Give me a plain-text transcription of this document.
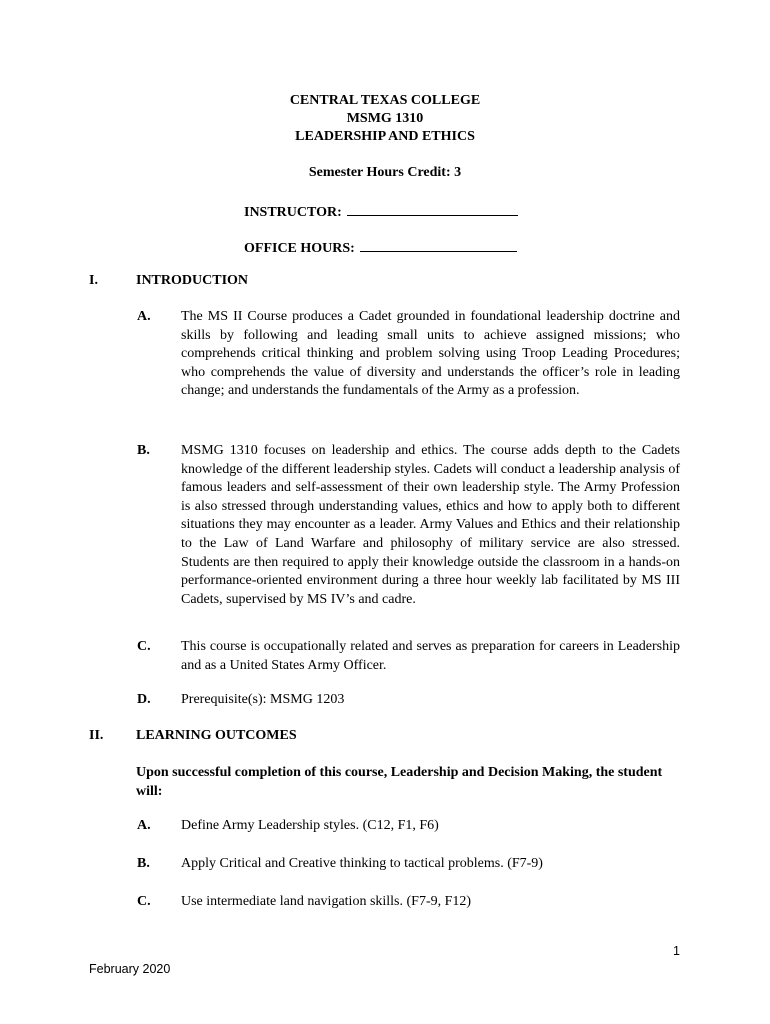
CENTRAL TEXAS COLLEGE
MSMG 1310
LEADERSHIP AND ETHICS
Semester Hours Credit: 3
INSTRUCTOR:
OFFICE HOURS:
I.	INTRODUCTION
A. The MS II Course produces a Cadet grounded in foundational leadership doctrine and skills by following and leading small units to achieve assigned missions; who comprehends critical thinking and problem solving using Troop Leading Procedures; who comprehends the value of diversity and understands the officer’s role in leading change; and understands the fundamentals of the Army as a profession.
B. MSMG 1310 focuses on leadership and ethics. The course adds depth to the Cadets knowledge of the different leadership styles. Cadets will conduct a leadership analysis of famous leaders and self-assessment of their own leadership style. The Army Profession is also stressed through understanding values, ethics and how to apply both to different situations they may encounter as a leader. Army Values and Ethics and their relationship to the Law of Land Warfare and philosophy of military service are also stressed. Students are then required to apply their knowledge outside the classroom in a hands-on performance-oriented environment during a three hour weekly lab facilitated by MS III Cadets, supervised by MS IV’s and cadre.
C. This course is occupationally related and serves as preparation for careers in Leadership and as a United States Army Officer.
D. Prerequisite(s): MSMG 1203
II. LEARNING OUTCOMES
Upon successful completion of this course, Leadership and Decision Making, the student will:
A. Define Army Leadership styles. (C12, F1, F6)
B. Apply Critical and Creative thinking to tactical problems. (F7-9)
C. Use intermediate land navigation skills. (F7-9, F12)
1
February 2020
